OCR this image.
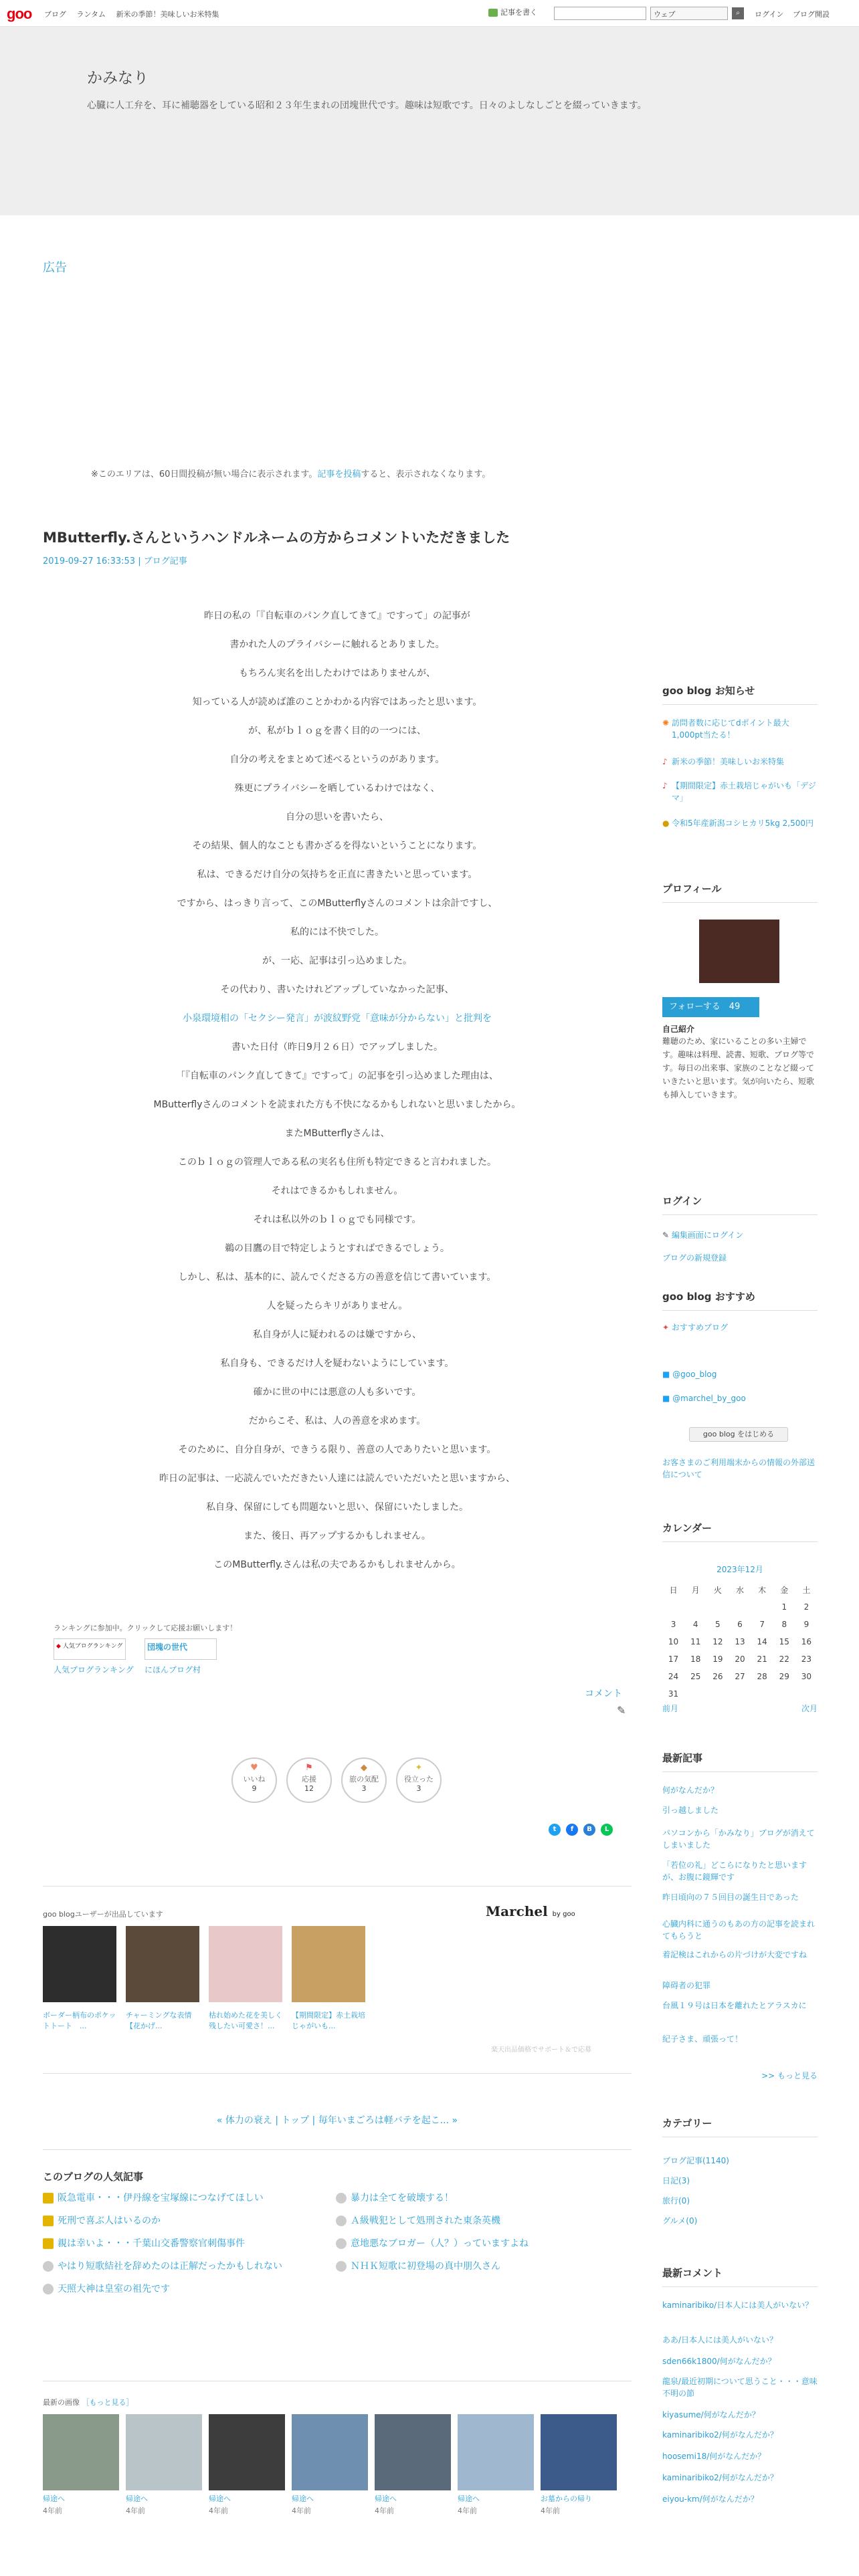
goo ブログ ランタム 新米の季節！美味しいお米特集	記事を書く	ウェブ	⌕	ログイン ブログ開設
かみなり
心臓に人工弁を、耳に補聴器をしている昭和２３年生まれの団塊世代です。趣味は短歌です。日々のよしなしごとを綴っていきます。
広告
※このエリアは、60日間投稿が無い場合に表示されます。記事を投稿すると、表示されなくなります。
MButterfly.さんというハンドルネームの方からコメントいただきました
2019-09-27 16:33:53 | ブログ記事

昨日の私の「『自転車のパンク直してきて』ですって」の記事が

書かれた人のプライバシーに触れるとありました。

もちろん実名を出したわけではありませんが、

知っている人が読めば誰のことかわかる内容ではあったと思います。

が、私がｂｌｏｇを書く目的の一つには、

自分の考えをまとめて述べるというのがあります。

殊更にプライバシーを晒しているわけではなく、

自分の思いを書いたら、

その結果、個人的なことも書かざるを得ないということになります。

私は、できるだけ自分の気持ちを正直に書きたいと思っています。

ですから、はっきり言って、このMButterflyさんのコメントは余計ですし、

私的には不快でした。

が、一応、記事は引っ込めました。

その代わり、書いたけれどアップしていなかった記事、

小泉環境相の「セクシー発言」が波紋野党「意味が分からない」と批判を

書いた日付（昨日9月２６日）でアップしました。

「『自転車のパンク直してきて』ですって」の記事を引っ込めました理由は、

MButterflyさんのコメントを読まれた方も不快になるかもしれないと思いましたから。

またMButterflyさんは、

このｂｌｏｇの管理人である私の実名も住所も特定できると言われました。

それはできるかもしれません。

それは私以外のｂｌｏｇでも同様です。

鵜の目鷹の目で特定しようとすればできるでしょう。

しかし、私は、基本的に、読んでくださる方の善意を信じて書いています。

人を疑ったらキリがありません。

私自身が人に疑われるのは嫌ですから、

私自身も、できるだけ人を疑わないようにしています。

確かに世の中には悪意の人も多いです。

だからこそ、私は、人の善意を求めます。

そのために、自分自身が、できうる限り、善意の人でありたいと思います。

昨日の記事は、一応読んでいただきたい人達には読んでいただいたと思いますから、

私自身、保留にしても問題ないと思い、保留にいたしました。

また、後日、再アップするかもしれません。

このMButterfly.さんは私の夫であるかもしれませんから。

ランキングに参加中。クリックして応援お願いします！
◆ 人気ブログランキング	団塊の世代
人気ブログランキング にほんブログ村
コメント
✎
♥
いいね
9
⚑
応援
12
◆
旅の気配
3
✦
役立った
3
t	f	B	L
goo blogユーザーが出品しています	Marchel by goo
ボーダー柄布のポケットトート　...
チャーミングな表情【花かげ...
枯れ始めた花を美しく残したい可愛さ！...
【期間限定】赤土栽培じゃがいも...
楽天出品価格でサポート＆で応募
« 体力の衰え | トップ | 毎年いまごろは軽バテを起こ... »
このブログの人気記事
阪急電車・・・伊丹線を宝塚線につなげてほしい	暴力は全てを破壊する！
死刑で喜ぶ人はいるのか	Ａ級戦犯として処刑された東条英機
親は幸いよ・・・千葉山交番警察官刺傷事件	意地悪なブロガー（人？）っていますよね
やはり短歌結社を辞めたのは正解だったかもしれない	ＮＨＫ短歌に初登場の真中朋久さん
天照大神は皇室の祖先です
最新の画像 ［もっと見る］
帰途へ
4年前
帰途へ
4年前
帰途へ
4年前
帰途へ
4年前
帰途へ
4年前
帰途へ
4年前
お墓からの帰り
4年前
goo blog お知らせ
✺ 訪問者数に応じてdポイント最大1,000pt当たる！
♪ 新米の季節！美味しいお米特集
♪ 【期間限定】赤土栽培じゃがいも「デジマ」
● 令和5年産新潟コシヒカリ5kg 2,500円
プロフィール
フォローする　 49
自己紹介
難聴のため、家にいることの多い主婦です。趣味は料理、読書、短歌、ブログ等です。毎日の出来事、家族のことなど綴っていきたいと思います。気が向いたら、短歌も挿入していきます。
ログイン
✎ 編集画面にログイン
ブログの新規登録
goo blog おすすめ
✦ おすすめブログ
■ @goo_blog
■ @marchel_by_goo
goo blog をはじめる
お客さまのご利用端末からの情報の外部送信について
カレンダー
2023年12月
日	月	火	水	木	金	土
					1	2
3	4	5	6	7	8	9
10	11	12	13	14	15	16
17	18	19	20	21	22	23
24	25	26	27	28	29	30
31						
前月	次月
最新記事
何がなんだか？
引っ越しました
パソコンから「かみなり」ブログが消えてしまいました
「若位の礼」どこらになりたと思いますが、お腹に鏡輝です
昨日頃向の７５回目の誕生日であった
心臓内科に通うのもあの方の記事を読まれてもらうと
着記検はこれからの片づけが大変ですね
障碍者の犯罪
台風１９号は日本を離れたとアラスカに
紀子さま、頑張って！
>> もっと見る
カテゴリー
ブログ記事(1140)
日記(3)
旅行(0)
グルメ(0)
最新コメント
kaminaribiko/日本人には美人がいない？
ああ/日本人には美人がいない？
sden66k1800/何がなんだか？
龍泉/最近初期について思うこと・・・意味不明の節
kiyasume/何がなんだか？
kaminaribiko2/何がなんだか？
hoosemi18/何がなんだか？
kaminaribiko2/何がなんだか？
eiyou-km/何がなんだか？
